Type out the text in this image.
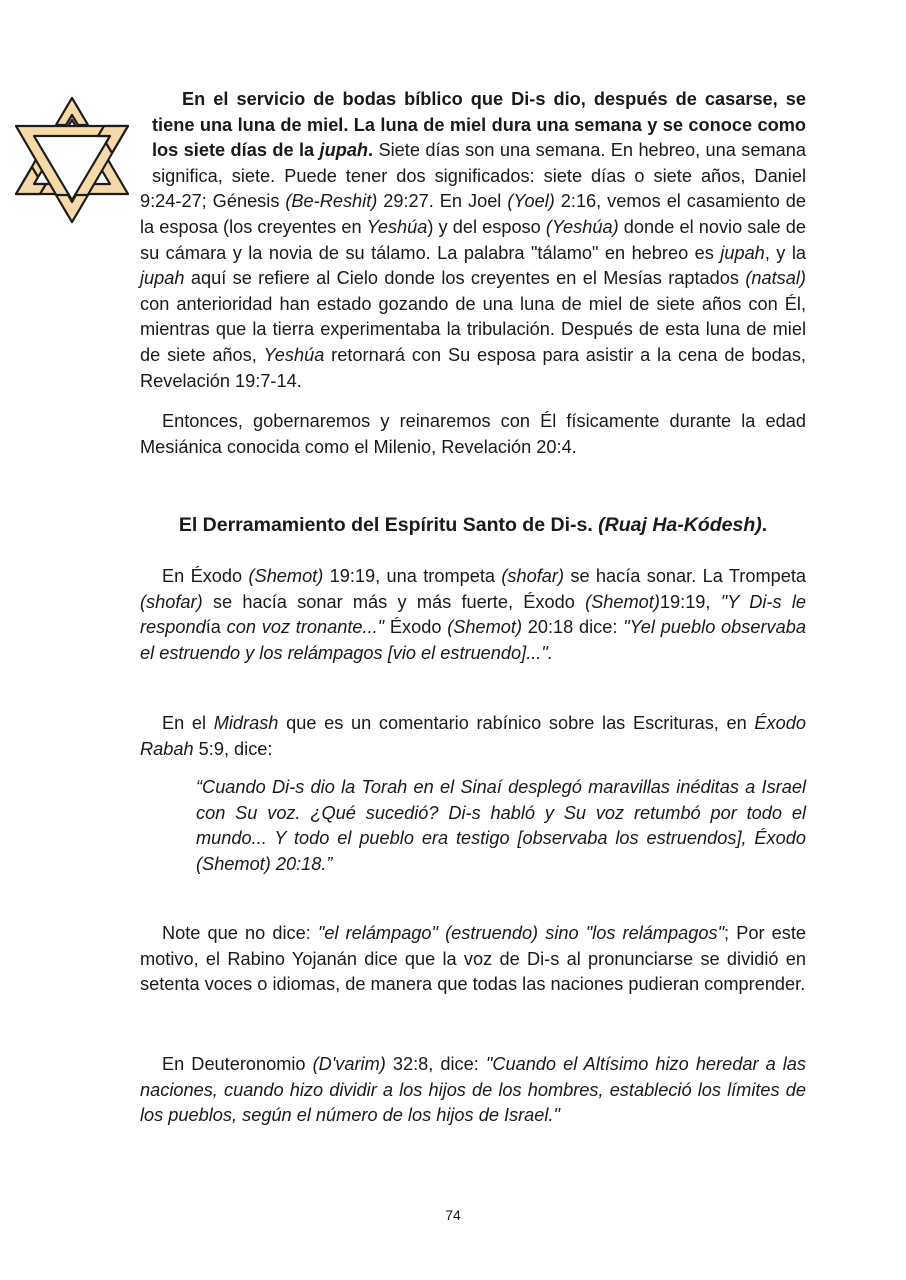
En el servicio de bodas bíblico que Di-s dio, después de casarse, se tiene una luna de miel. La luna de miel dura una semana y se conoce como los siete días de la jupah. Siete días son una semana. En hebreo, una semana significa, siete. Puede tener dos significados: siete días o siete años, Daniel 9:24-27; Génesis (Be-Reshit) 29:27. En Joel (Yoel) 2:16, vemos el casamiento de la esposa (los creyentes en Yeshúa) y del esposo (Yeshúa) donde el novio sale de su cámara y la novia de su tálamo. La palabra "tálamo" en hebreo es jupah, y la jupah aquí se refiere al Cielo donde los creyentes en el Mesías raptados (natsal) con anterioridad han estado gozando de una luna de miel de siete años con Él, mientras que la tierra experimentaba la tribulación. Después de esta luna de miel de siete años, Yeshúa retornará con Su esposa para asistir a la cena de bodas, Revelación 19:7-14.

Entonces, gobernaremos y reinaremos con Él físicamente durante la edad Mesiánica conocida como el Milenio, Revelación 20:4.

El Derramamiento del Espíritu Santo de Di-s. (Ruaj Ha-Kódesh).

En Éxodo (Shemot) 19:19, una trompeta (shofar) se hacía sonar. La Trompeta (shofar) se hacía sonar más y más fuerte, Éxodo (Shemot)19:19, "Y Di-s le respondía con voz tronante..." Éxodo (Shemot) 20:18 dice: "Yel pueblo observaba el estruendo y los relámpagos [vio el estruendo]...".

En el Midrash que es un comentario rabínico sobre las Escrituras, en Éxodo Rabah 5:9, dice:

“Cuando Di-s dio la Torah en el Sinaí desplegó maravillas inéditas a Israel con Su voz. ¿Qué sucedió? Di-s habló y Su voz retumbó por todo el mundo... Y todo el pueblo era testigo [observaba los estruendos], Éxodo (Shemot) 20:18.”

Note que no dice: "el relámpago" (estruendo) sino "los relámpagos"; Por este motivo, el Rabino Yojanán dice que la voz de Di-s al pronunciarse se dividió en setenta voces o idiomas, de manera que todas las naciones pudieran comprender.

En Deuteronomio (D'varim) 32:8, dice: "Cuando el Altísimo hizo heredar a las naciones, cuando hizo dividir a los hijos de los hombres, estableció los límites de los pueblos, según el número de los hijos de Israel."

74
